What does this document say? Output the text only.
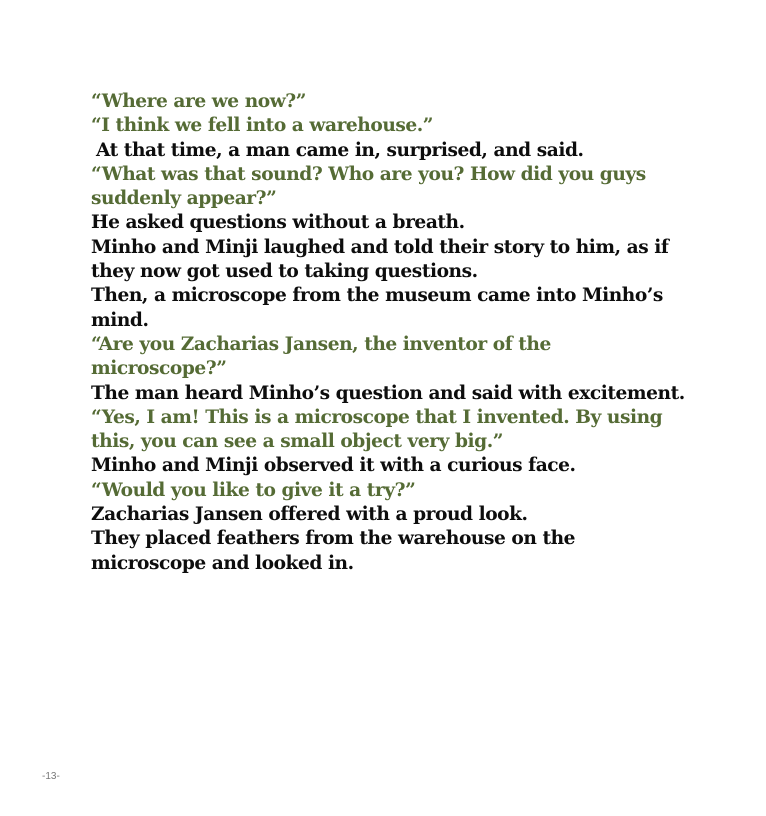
“Where are we now?”

“I think we fell into a warehouse.”

At that time, a man came in, surprised, and said.

“What was that sound? Who are you? How did you guys suddenly appear?”

He asked questions without a breath.

Minho and Minji laughed and told their story to him, as if they now got used to taking questions.

Then, a microscope from the museum came into Minho’s mind.

“Are you Zacharias Jansen, the inventor of the microscope?”

The man heard Minho’s question and said with excitement.

“Yes, I am! This is a microscope that I invented. By using this, you can see a small object very big.”

Minho and Minji observed it with a curious face.

“Would you like to give it a try?”

Zacharias Jansen offered with a proud look.

They placed feathers from the warehouse on the microscope and looked in.

-13-
